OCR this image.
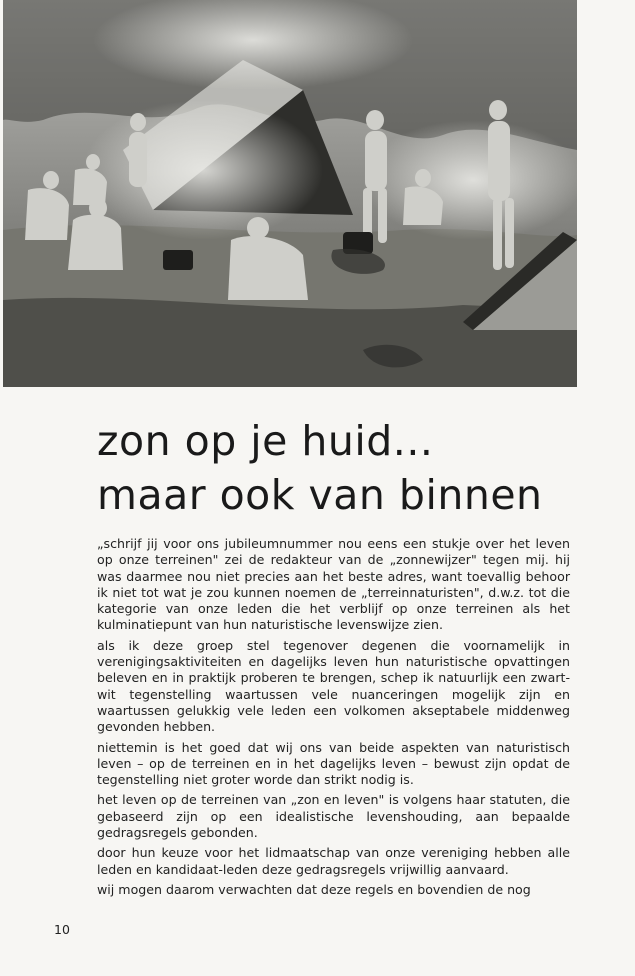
zon op je huid...
maar ook van binnen

„schrijf jij voor ons jubileumnummer nou eens een stukje over het leven op onze terreinen" zei de redakteur van de „zonnewijzer" tegen mij. hij was daarmee nou niet precies aan het beste adres, want toevallig behoor ik niet tot wat je zou kunnen noemen de „terreinnaturisten", d.w.z. tot die kategorie van onze leden die het verblijf op onze terreinen als het kulminatiepunt van hun naturistische levenswijze zien.

als ik deze groep stel tegenover degenen die voornamelijk in verenigingsaktiviteiten en dagelijks leven hun naturistische opvattingen beleven en in praktijk proberen te brengen, schep ik natuurlijk een zwart-wit tegenstelling waartussen vele nuanceringen mogelijk zijn en waartussen gelukkig vele leden een volkomen akseptabele middenweg gevonden hebben.

niettemin is het goed dat wij ons van beide aspekten van naturistisch leven – op de terreinen en in het dagelijks leven – bewust zijn opdat de tegenstelling niet groter worde dan strikt nodig is.

het leven op de terreinen van „zon en leven" is volgens haar statuten, die gebaseerd zijn op een idealistische levenshouding, aan bepaalde gedragsregels gebonden.

door hun keuze voor het lidmaatschap van onze vereniging hebben alle leden en kandidaat-leden deze gedragsregels vrijwillig aanvaard.

wij mogen daarom verwachten dat deze regels en bovendien de nog

10
